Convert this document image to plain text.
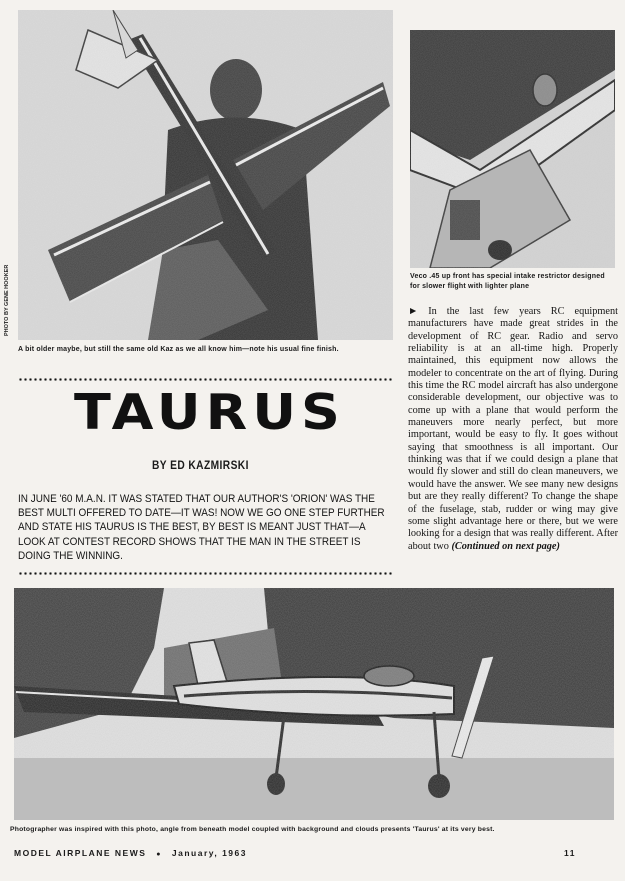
PHOTO BY GENE HOOKER
A bit older maybe, but still the same old Kaz as we all know him—note his usual fine finish.
Veco .45 up front has special intake restrictor designed for slower flight with lighter plane
TAURUS
BY ED KAZMIRSKI
IN JUNE '60 M.A.N. IT WAS STATED THAT OUR AUTHOR'S 'ORION' WAS THE BEST MULTI OFFERED TO DATE—IT WAS! NOW WE GO ONE STEP FURTHER AND STATE HIS TAURUS IS THE BEST, BY BEST IS MEANT JUST THAT—A LOOK AT CONTEST RECORD SHOWS THAT THE MAN IN THE STREET IS DOING THE WINNING.
► In the last few years RC equipment manufacturers have made great strides in the development of RC gear. Radio and servo reliability is at an all-time high. Properly maintained, this equipment now allows the modeler to concentrate on the art of flying. During this time the RC model aircraft has also undergone considerable development, our objective was to come up with a plane that would perform the maneuvers more nearly perfect, but more important, would be easy to fly. It goes without saying that smoothness is all important. Our thinking was that if we could design a plane that would fly slower and still do clean maneuvers, we would have the answer. We see many new designs but are they really different? To change the shape of the fuselage, stab, rudder or wing may give some slight advantage here or there, but we were looking for a design that was really different. After about two (Continued on next page)
Photographer was inspired with this photo, angle from beneath model coupled with background and clouds presents 'Taurus' at its very best.
MODEL AIRPLANE NEWS ● January, 1963	11
